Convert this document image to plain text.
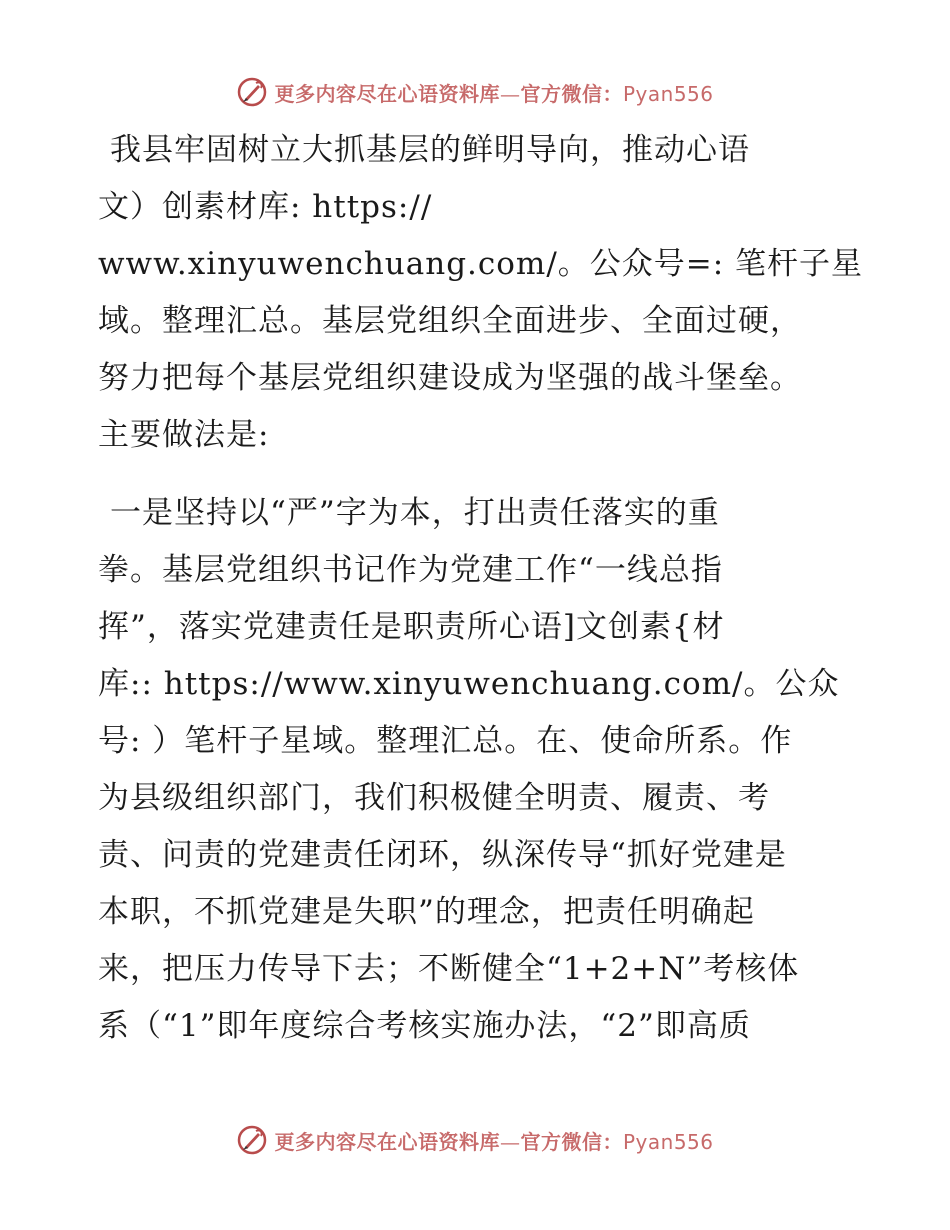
更多内容尽在心语资料库—官方微信：Pyan556
我县牢固树立大抓基层的鲜明导向，推动心语
文）创素材库: https://
www.xinyuwenchuang.com/。公众号=: 笔杆子星
域。整理汇总。基层党组织全面进步、全面过硬，
努力把每个基层党组织建设成为坚强的战斗堡垒。
主要做法是:
一是坚持以“严”字为本，打出责任落实的重
拳。基层党组织书记作为党建工作“一线总指
挥”，落实党建责任是职责所心语]文创素{材
库:: https://www.xinyuwenchuang.com/。公众
号: ）笔杆子星域。整理汇总。在、使命所系。作
为县级组织部门，我们积极健全明责、履责、考
责、问责的党建责任闭环，纵深传导“抓好党建是
本职，不抓党建是失职”的理念，把责任明确起
来，把压力传导下去；不断健全“1+2+N”考核体
系（“1”即年度综合考核实施办法，“2”即高质
更多内容尽在心语资料库—官方微信：Pyan556
